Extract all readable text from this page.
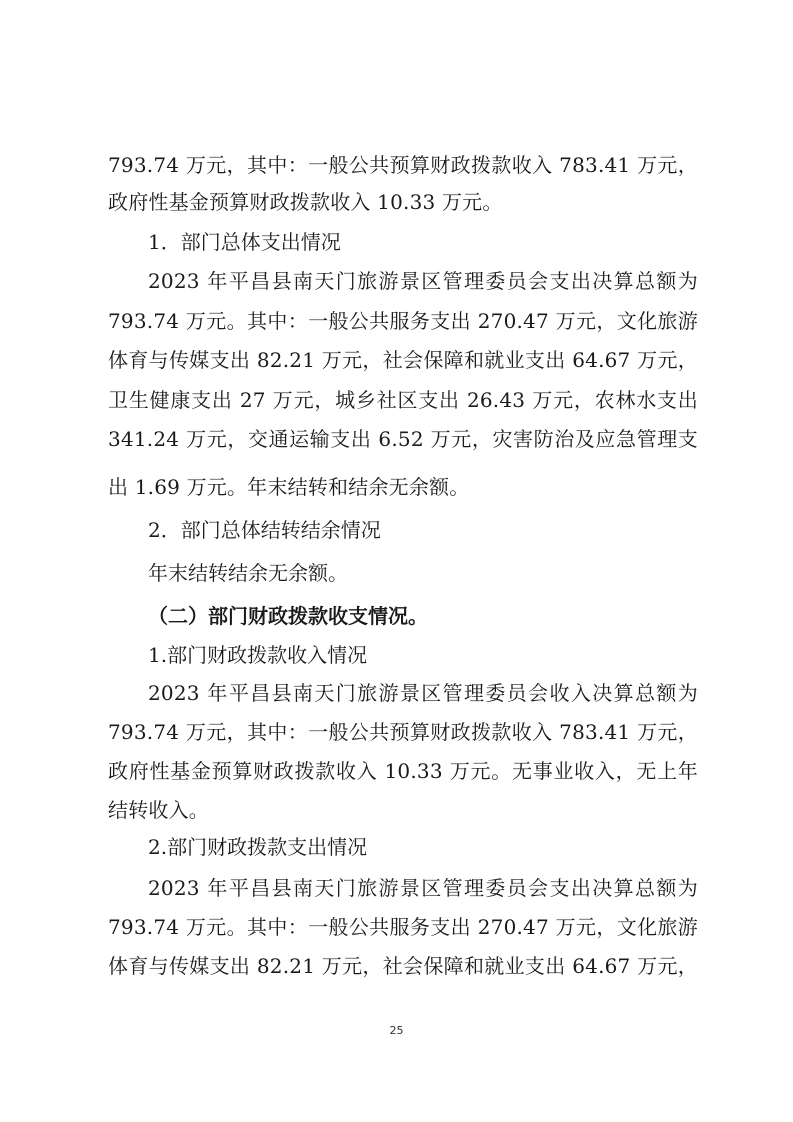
793.74 万元，其中：一般公共预算财政拨款收入 783.41 万元，
政府性基金预算财政拨款收入 10.33 万元。
1．部门总体支出情况
2023 年平昌县南天门旅游景区管理委员会支出决算总额为
793.74 万元。其中：一般公共服务支出 270.47 万元，文化旅游
体育与传媒支出 82.21 万元，社会保障和就业支出 64.67 万元，
卫生健康支出 27 万元，城乡社区支出 26.43 万元，农林水支出
341.24 万元，交通运输支出 6.52 万元，灾害防治及应急管理支
出 1.69 万元。年末结转和结余无余额。
2．部门总体结转结余情况
年末结转结余无余额。
（二）部门财政拨款收支情况。
1.部门财政拨款收入情况
2023 年平昌县南天门旅游景区管理委员会收入决算总额为
793.74 万元，其中：一般公共预算财政拨款收入 783.41 万元，
政府性基金预算财政拨款收入 10.33 万元。无事业收入，无上年
结转收入。
2.部门财政拨款支出情况
2023 年平昌县南天门旅游景区管理委员会支出决算总额为
793.74 万元。其中：一般公共服务支出 270.47 万元，文化旅游
体育与传媒支出 82.21 万元，社会保障和就业支出 64.67 万元，
25
